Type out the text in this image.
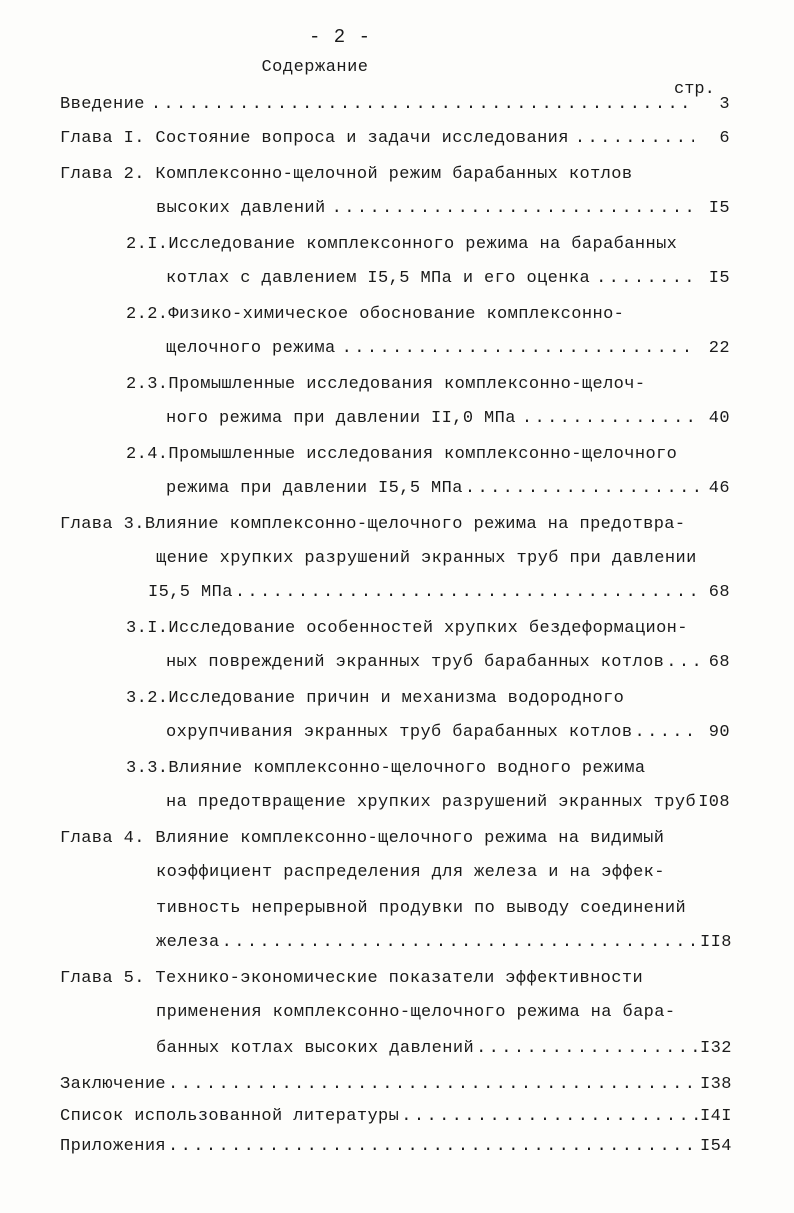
- 2 -
Содержание
стр.
Введение .....	3
Глава I. Состояние вопроса и задачи исследования .....	6
Глава 2. Комплексонно-щелочной режим барабанных котлов
высоких давлений .....	I5
2.I.Исследование комплексонного режима на барабанных
котлах с давлением I5,5 МПа и его оценка .....	I5
2.2.Физико-химическое обоснование комплексонно-
щелочного режима .....	22
2.3.Промышленные исследования комплексонно-щелоч-
ного режима при давлении II,0 МПа .....	40
2.4.Промышленные исследования комплексонно-щелочного
режима при давлении I5,5 МПа .....	46
Глава 3.Влияние комплексонно-щелочного режима на предотвра-
щение хрупких разрушений экранных труб при давлении
I5,5 МПа .....	68
3.I.Исследование особенностей хрупких бездеформацион-
ных повреждений экранных труб барабанных котлов .....	68
3.2.Исследование причин и механизма водородного
охрупчивания экранных труб барабанных котлов .....	90
3.3.Влияние комплексонно-щелочного водного режима
на предотвращение хрупких разрушений экранных труб I08
Глава 4. Влияние комплексонно-щелочного режима на видимый
коэффициент распределения для железа и на эффек-
тивность непрерывной продувки по выводу соединений
железа .....	II8
Глава 5. Технико-экономические показатели эффективности
применения комплексонно-щелочного режима на бара-
банных котлах высоких давлений .....	I32
Заключение .....	I38
Список использованной литературы .....	I4I
Приложения .....	I54
